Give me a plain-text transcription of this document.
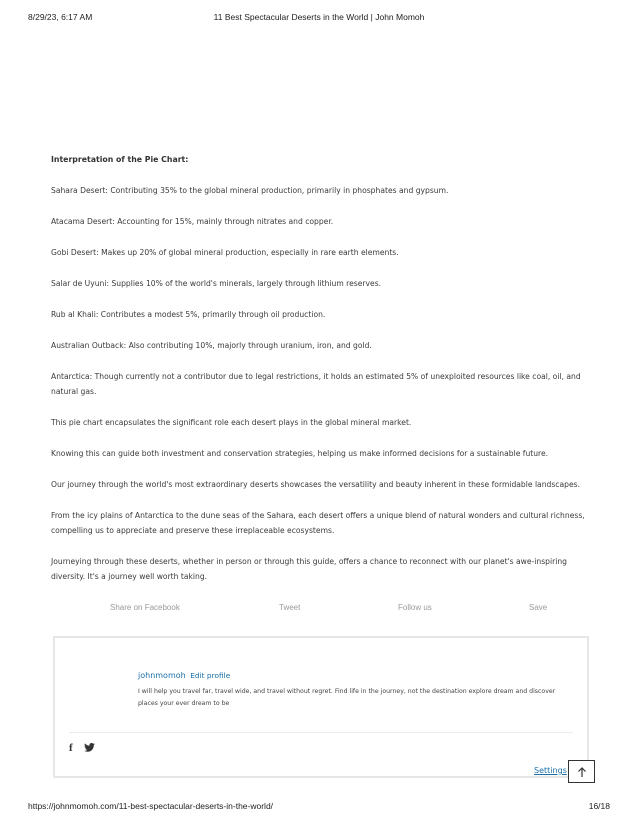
8/29/23, 6:17 AM	11 Best Spectacular Deserts in the World | John Momoh
Interpretation of the Pie Chart:

Sahara Desert: Contributing 35% to the global mineral production, primarily in phosphates and gypsum.

Atacama Desert: Accounting for 15%, mainly through nitrates and copper.

Gobi Desert: Makes up 20% of global mineral production, especially in rare earth elements.

Salar de Uyuni: Supplies 10% of the world's minerals, largely through lithium reserves.

Rub al Khali: Contributes a modest 5%, primarily through oil production.

Australian Outback: Also contributing 10%, majorly through uranium, iron, and gold.

Antarctica: Though currently not a contributor due to legal restrictions, it holds an estimated 5% of unexploited resources like coal, oil, and natural gas.

This pie chart encapsulates the significant role each desert plays in the global mineral market.

Knowing this can guide both investment and conservation strategies, helping us make informed decisions for a sustainable future.

Our journey through the world's most extraordinary deserts showcases the versatility and beauty inherent in these formidable landscapes.

From the icy plains of Antarctica to the dune seas of the Sahara, each desert offers a unique blend of natural wonders and cultural richness, compelling us to appreciate and preserve these irreplaceable ecosystems.

Journeying through these deserts, whether in person or through this guide, offers a chance to reconnect with our planet's awe-inspiring diversity. It's a journey well worth taking.

Share on Facebook	Tweet	Follow us	Save
johnmomoh Edit profile
I will help you travel far, travel wide, and travel without regret. Find life in the journey, not the destination explore dream and discover places your ever dream to be
f
Settings
https://johnmomoh.com/11-best-spectacular-deserts-in-the-world/	16/18
